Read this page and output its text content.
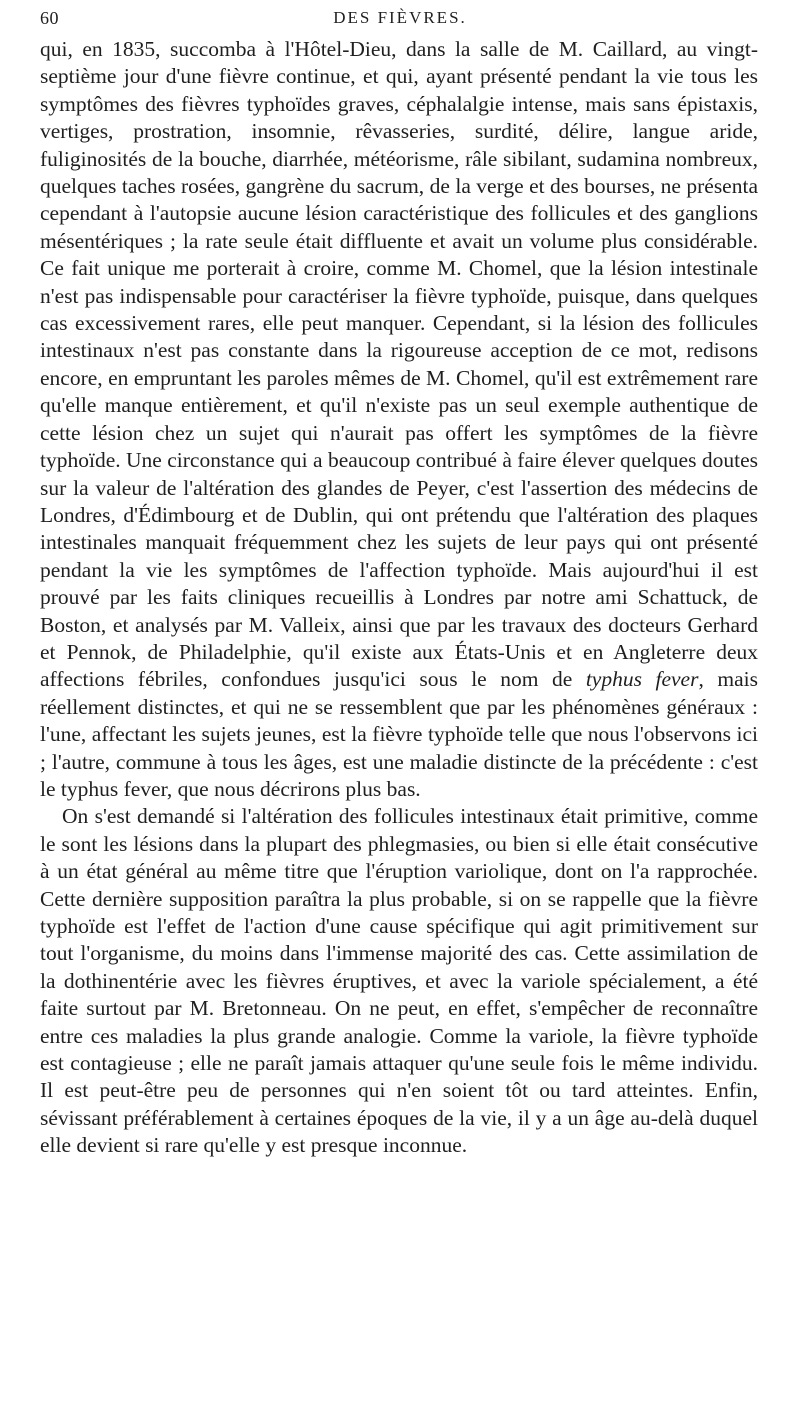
60	DES FIÈVRES.

qui, en 1835, succomba à l'Hôtel-Dieu, dans la salle de M. Caillard, au vingt-septième jour d'une fièvre continue, et qui, ayant présenté pendant la vie tous les symptômes des fièvres typhoïdes graves, céphalalgie intense, mais sans épistaxis, vertiges, prostration, insomnie, rêvasseries, surdité, délire, langue aride, fuliginosités de la bouche, diarrhée, météorisme, râle sibilant, sudamina nombreux, quelques taches rosées, gangrène du sacrum, de la verge et des bourses, ne présenta cependant à l'autopsie aucune lésion caractéristique des follicules et des ganglions mésentériques ; la rate seule était diffluente et avait un volume plus considérable. Ce fait unique me porterait à croire, comme M. Chomel, que la lésion intestinale n'est pas indispensable pour caractériser la fièvre typhoïde, puisque, dans quelques cas excessivement rares, elle peut manquer. Cependant, si la lésion des follicules intestinaux n'est pas constante dans la rigoureuse acception de ce mot, redisons encore, en empruntant les paroles mêmes de M. Chomel, qu'il est extrêmement rare qu'elle manque entièrement, et qu'il n'existe pas un seul exemple authentique de cette lésion chez un sujet qui n'aurait pas offert les symptômes de la fièvre typhoïde. Une circonstance qui a beaucoup contribué à faire élever quelques doutes sur la valeur de l'altération des glandes de Peyer, c'est l'assertion des médecins de Londres, d'Édimbourg et de Dublin, qui ont prétendu que l'altération des plaques intestinales manquait fréquemment chez les sujets de leur pays qui ont présenté pendant la vie les symptômes de l'affection typhoïde. Mais aujourd'hui il est prouvé par les faits cliniques recueillis à Londres par notre ami Schattuck, de Boston, et analysés par M. Valleix, ainsi que par les travaux des docteurs Gerhard et Pennok, de Philadelphie, qu'il existe aux États-Unis et en Angleterre deux affections fébriles, confondues jusqu'ici sous le nom de typhus fever, mais réellement distinctes, et qui ne se ressemblent que par les phénomènes généraux : l'une, affectant les sujets jeunes, est la fièvre typhoïde telle que nous l'observons ici ; l'autre, commune à tous les âges, est une maladie distincte de la précédente : c'est le typhus fever, que nous décrirons plus bas.

On s'est demandé si l'altération des follicules intestinaux était primitive, comme le sont les lésions dans la plupart des phlegmasies, ou bien si elle était consécutive à un état général au même titre que l'éruption variolique, dont on l'a rapprochée. Cette dernière supposition paraîtra la plus probable, si on se rappelle que la fièvre typhoïde est l'effet de l'action d'une cause spécifique qui agit primitivement sur tout l'organisme, du moins dans l'immense majorité des cas. Cette assimilation de la dothinentérie avec les fièvres éruptives, et avec la variole spécialement, a été faite surtout par M. Bretonneau. On ne peut, en effet, s'empêcher de reconnaître entre ces maladies la plus grande analogie. Comme la variole, la fièvre typhoïde est contagieuse ; elle ne paraît jamais attaquer qu'une seule fois le même individu. Il est peut-être peu de personnes qui n'en soient tôt ou tard atteintes. Enfin, sévissant préférablement à certaines époques de la vie, il y a un âge au-delà duquel elle devient si rare qu'elle y est presque inconnue.
